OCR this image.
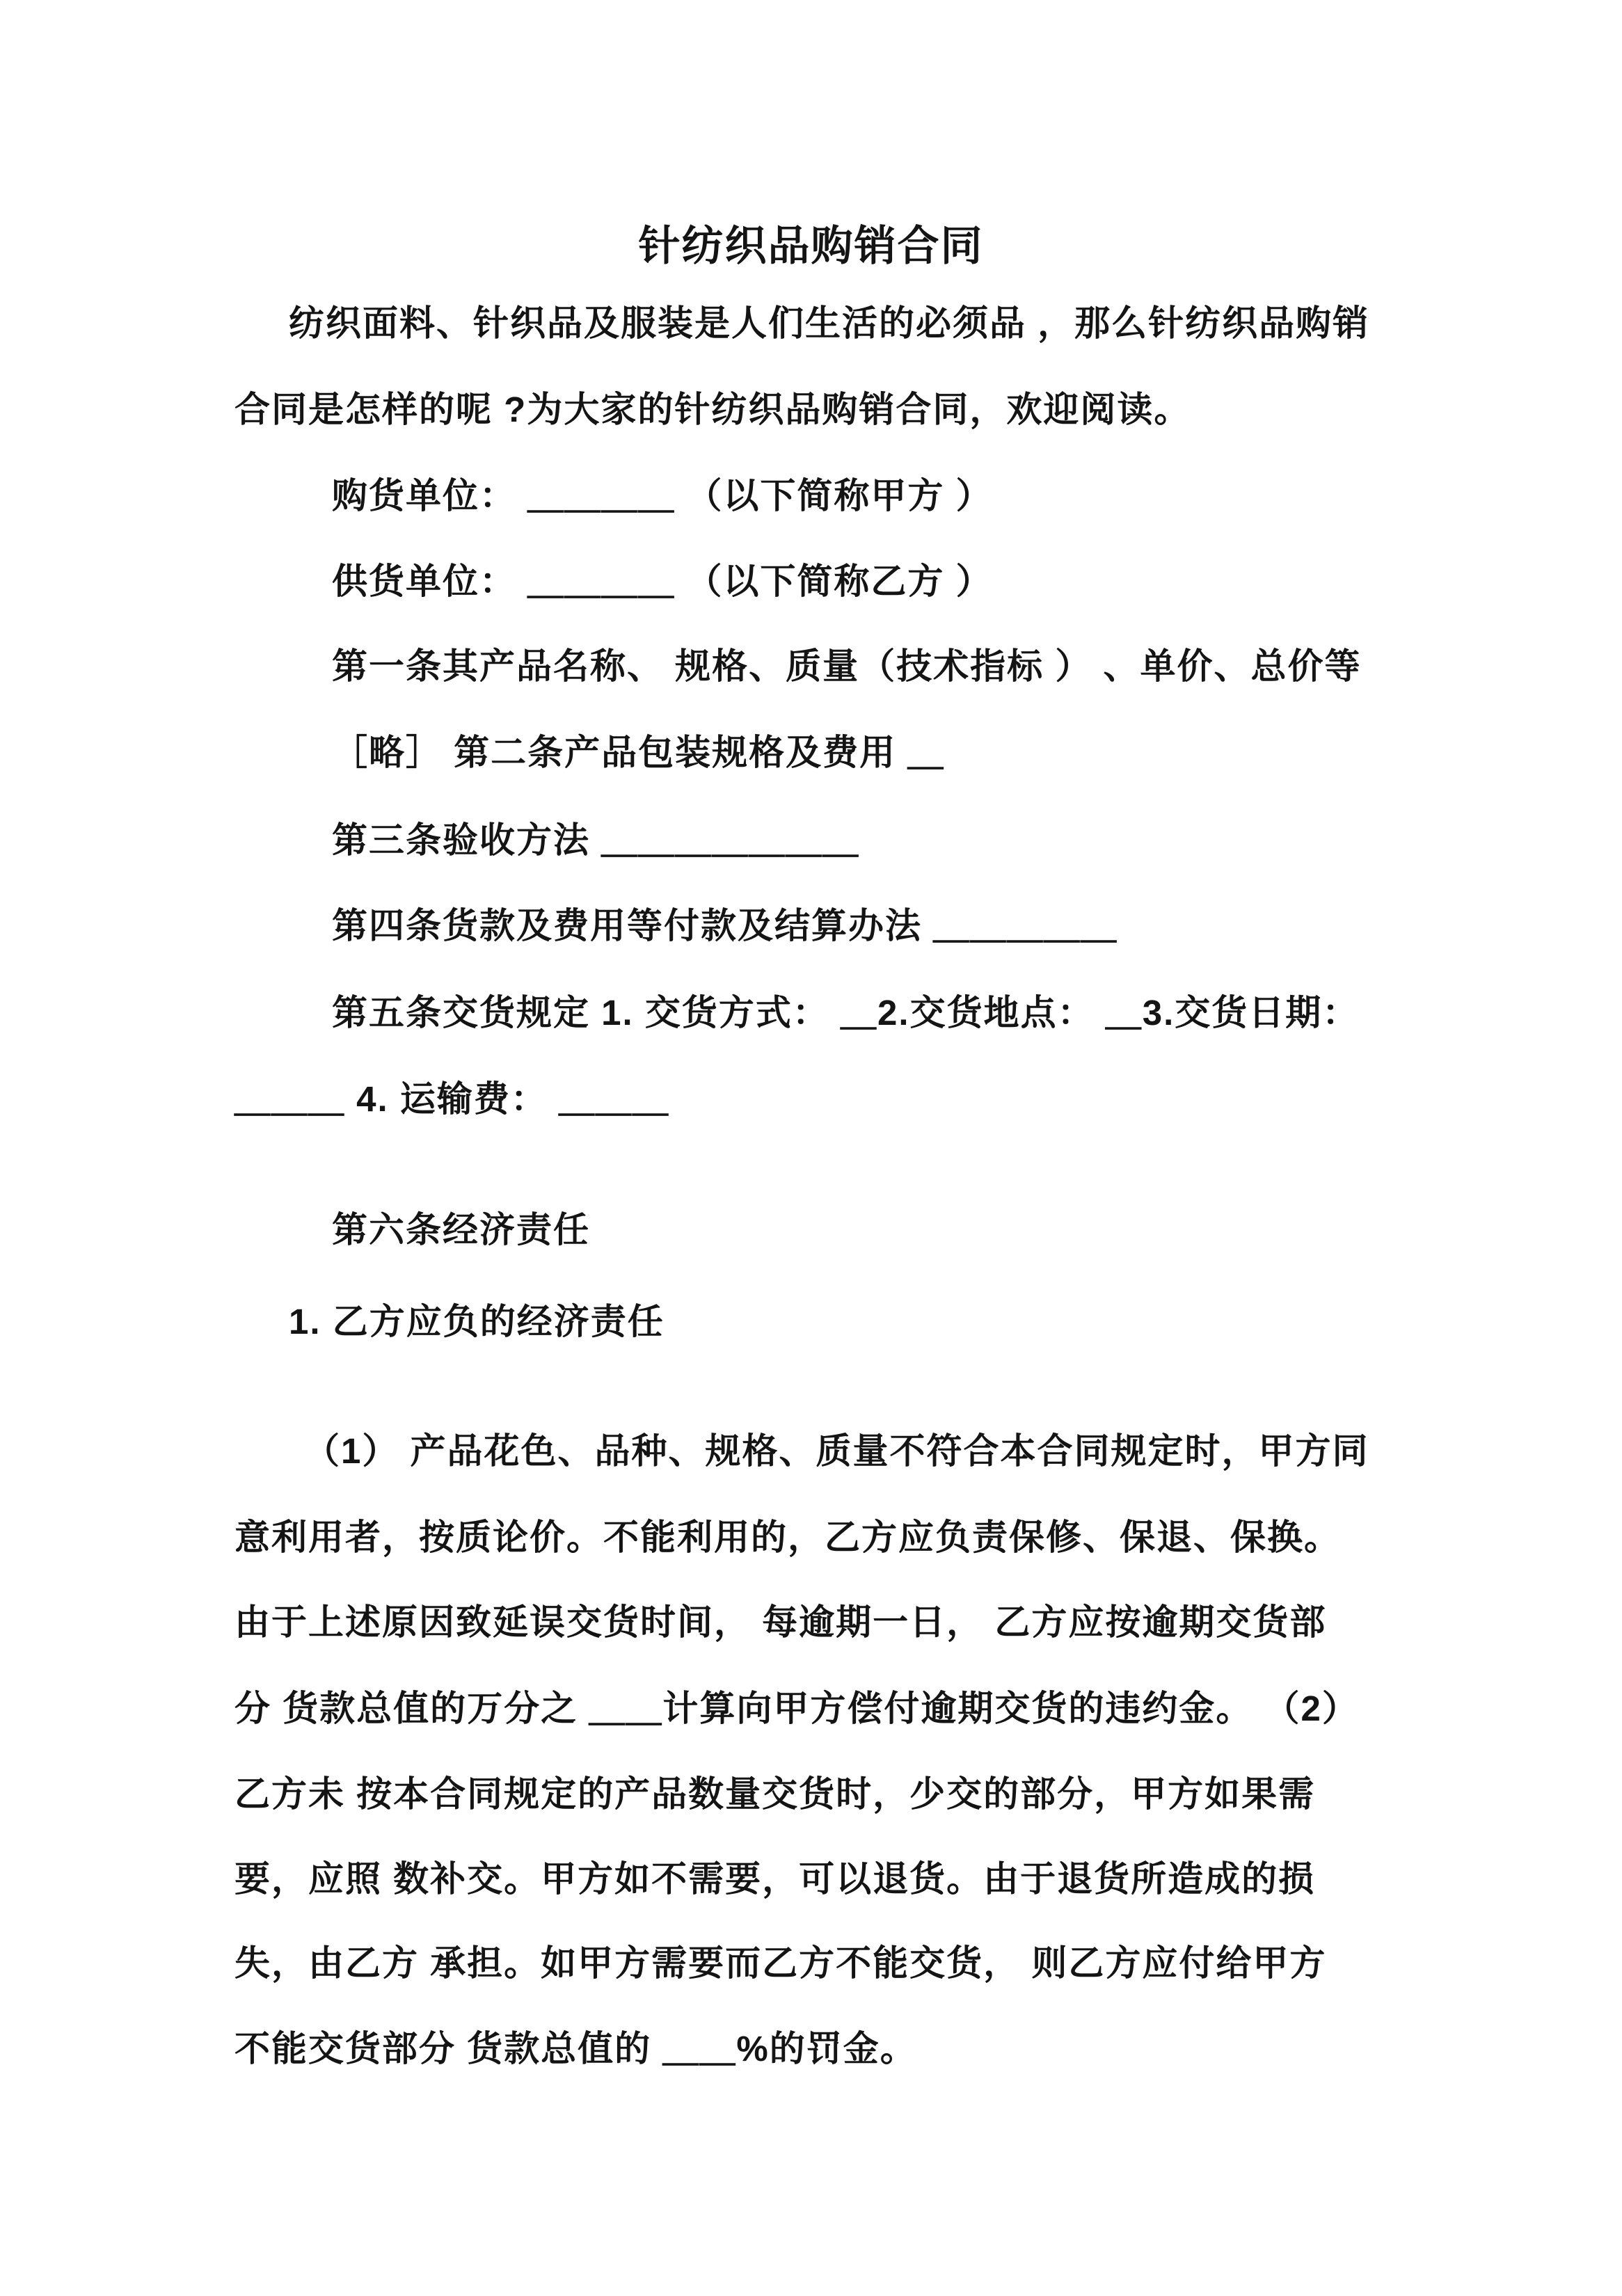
针纺织品购销合同
纺织面料、针织品及服装是人们生活的必须品 ，那么针纺织品购销
合同是怎样的呢 ?为大家的针纺织品购销合同，欢迎阅读。
购货单位： ＿＿＿＿ （以下简称甲方 ）
供货单位： ＿＿＿＿ （以下简称乙方 ）
第一条其产品名称、 规格、质量（技术指标 ） 、单价、总价等
［略］ 第二条产品包装规格及费用 ＿
第三条验收方法 ＿＿＿＿＿＿＿
第四条货款及费用等付款及结算办法 ＿＿＿＿＿
第五条交货规定 1. 交货方式： ＿2.交货地点： ＿3.交货日期：
＿＿＿ 4. 运输费： ＿＿＿
第六条经济责任
1. 乙方应负的经济责任
（1） 产品花色、品种、规格、质量不符合本合同规定时，甲方同
意利用者，按质论价。不能利用的，乙方应负责保修、保退、保换。
由于上述原因致延误交货时间， 每逾期一日， 乙方应按逾期交货部
分 货款总值的万分之 ＿＿计算向甲方偿付逾期交货的违约金。 （2）
乙方未 按本合同规定的产品数量交货时，少交的部分，甲方如果需
要，应照 数补交。甲方如不需要，可以退货。由于退货所造成的损
失，由乙方 承担。如甲方需要而乙方不能交货， 则乙方应付给甲方
不能交货部分 货款总值的 ＿＿%的罚金。
